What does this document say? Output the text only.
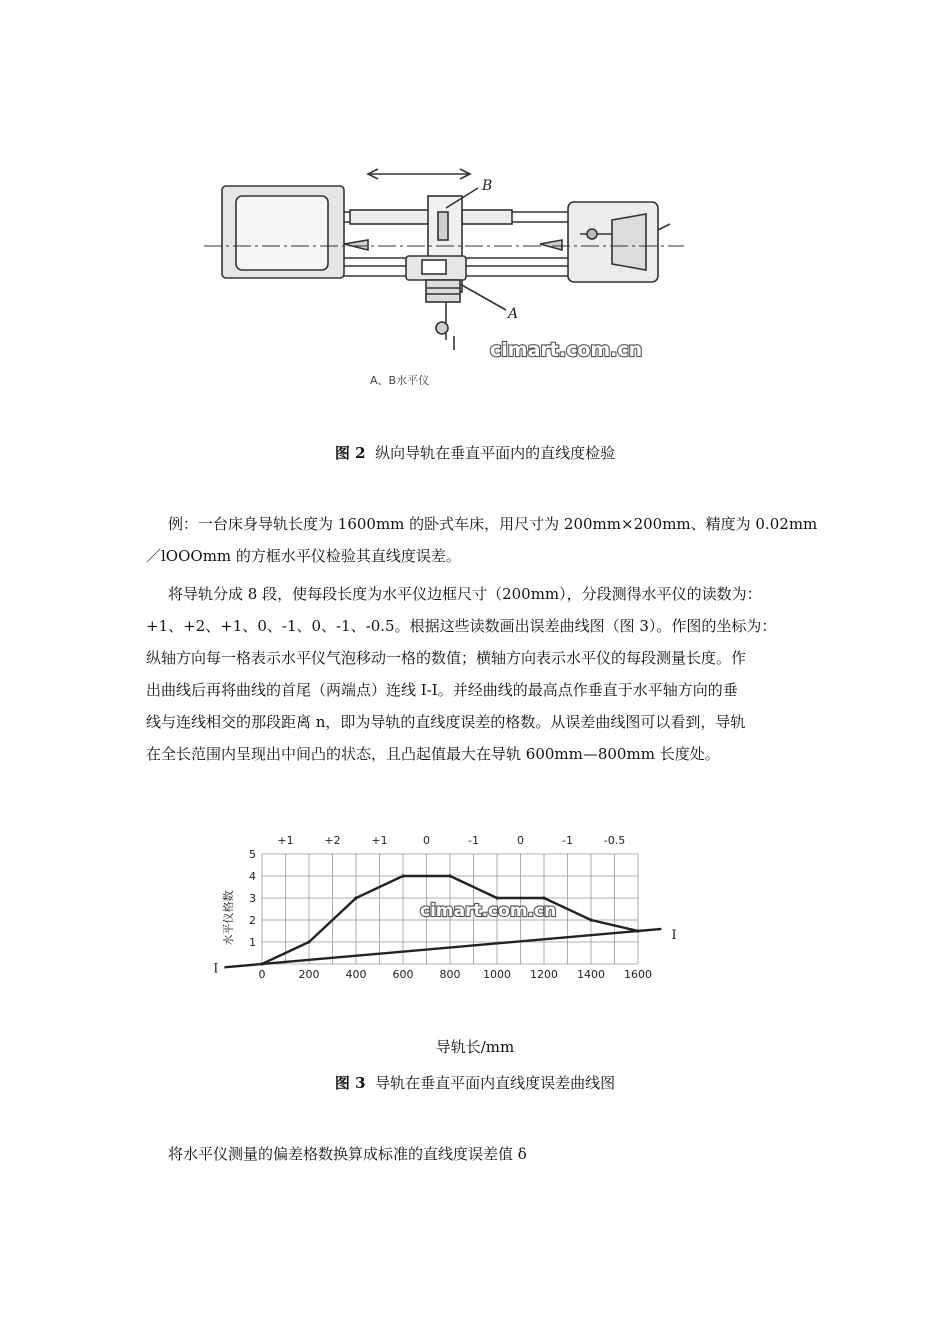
B
A
A、B水平仪
cimart.com.cn
图 2 纵向导轨在垂直平面内的直线度检验
例：一台床身导轨长度为 1600mm 的卧式车床，用尺寸为 200mm×200mm、精度为 0.02mm
／lOOOmm 的方框水平仪检验其直线度误差。
将导轨分成 8 段，使每段长度为水平仪边框尺寸（200mm），分段测得水平仪的读数为：
+1、+2、+1、0、-1、0、-1、-0.5。根据这些读数画出误差曲线图（图 3）。作图的坐标为：
纵轴方向每一格表示水平仪气泡移动一格的数值；横轴方向表示水平仪的每段测量长度。作
出曲线后再将曲线的首尾（两端点）连线 I-I。并经曲线的最高点作垂直于水平轴方向的垂
线与连线相交的那段距离 n，即为导轨的直线度误差的格数。从误差曲线图可以看到，导轨
在全长范围内呈现出中间凸的状态，且凸起值最大在导轨 600mm—800mm 长度处。
+1	+2	+1	0	-1	0	-1	-0.5
0	200 400 600 800 1000 1200 1400 1600
1
2
3
4
5
I
I
水平仪格数	cimart.com.cn
导轨长/mm
图 3 导轨在垂直平面内直线度误差曲线图
将水平仪测量的偏差格数换算成标准的直线度误差值 δ
